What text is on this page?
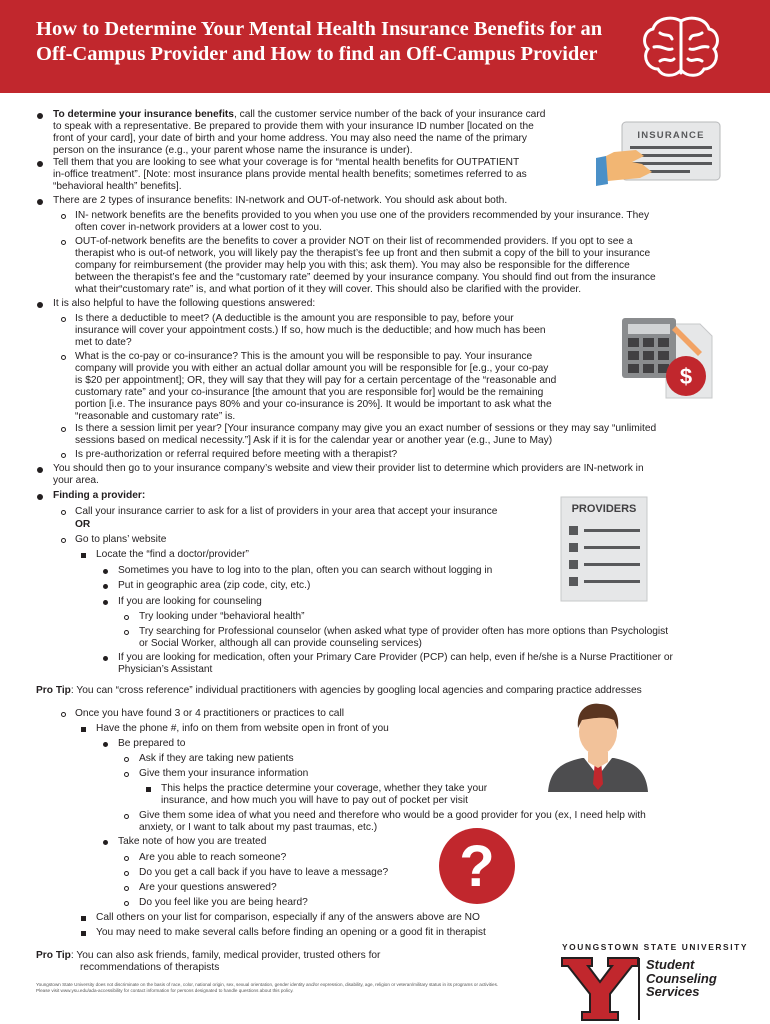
How to Determine Your Mental Health Insurance Benefits for an
Off-Campus Provider and How to find an Off-Campus Provider

To determine your insurance benefits, call the customer service number of the back of your insurance card

to speak with a representative. Be prepared to provide them with your insurance ID number [located on the

front of your card], your date of birth and your home address. You may also need the name of the primary

person on the insurance (e.g., your parent whose name the insurance is under).

Tell them that you are looking to see what your coverage is for “mental health benefits for OUTPATIENT

in-office treatment”. [Note: most insurance plans provide mental health benefits; sometimes referred to as

“behavioral health” benefits].

There are 2 types of insurance benefits: IN-network and OUT-of-network. You should ask about both.

IN- network benefits are the benefits provided to you when you use one of the providers recommended by your insurance. They

often cover in-network providers at a lower cost to you.

OUT-of-network benefits are the benefits to cover a provider NOT on their list of recommended providers. If you opt to see a

therapist who is out-of network, you will likely pay the therapist’s fee up front and then submit a copy of the bill to your insurance

company for reimbursement (the provider may help you with this; ask them). You may also be responsible for the difference

between the therapist’s fee and the “customary rate” deemed by your insurance company. You should find out from the insurance

what their“customary rate” is, and what portion of it they will cover. This should also be clarified with the provider.

It is also helpful to have the following questions answered:

Is there a deductible to meet? (A deductible is the amount you are responsible to pay, before your

insurance will cover your appointment costs.) If so, how much is the deductible; and how much has been

met to date?

What is the co-pay or co-insurance? This is the amount you will be responsible to pay. Your insurance

company will provide you with either an actual dollar amount you will be responsible for [e.g., your co-pay

is $20 per appointment]; OR, they will say that they will pay for a certain percentage of the “reasonable and

customary rate” and your co-insurance [the amount that you are responsible for] would be the remaining

portion [i.e. The insurance pays 80% and your co-insurance is 20%]. It would be important to ask what the

“reasonable and customary rate” is.

Is there a session limit per year? [Your insurance company may give you an exact number of sessions or they may say “unlimited

sessions based on medical necessity.”] Ask if it is for the calendar year or another year (e.g., June to May)

Is pre-authorization or referral required before meeting with a therapist?

You should then go to your insurance company’s website and view their provider list to determine which providers are IN-network in

your area.

Finding a provider:

Call your insurance carrier to ask for a list of providers in your area that accept your insurance

OR

Go to plans’ website

Locate the “find a doctor/provider”

Sometimes you have to log into to the plan, often you can search without logging in

Put in geographic area (zip code, city, etc.)

If you are looking for counseling

Try looking under “behavioral health”

Try searching for Professional counselor (when asked what type of provider often has more options than Psychologist

or Social Worker, although all can provide counseling services)

If you are looking for medication, often your Primary Care Provider (PCP) can help, even if he/she is a Nurse Practitioner or

Physician’s Assistant

Pro Tip: You can “cross reference” individual practitioners with agencies by googling local agencies and comparing practice addresses

Once you have found 3 or 4 practitioners or practices to call

Have the phone #, info on them from website open in front of you

Be prepared to

Ask if they are taking new patients

Give them your insurance information

This helps the practice determine your coverage, whether they take your

insurance, and how much you will have to pay out of pocket per visit

Give them some idea of what you need and therefore who would be a good provider for you (ex, I need help with

anxiety, or I want to talk about my past traumas, etc.)

Take note of how you are treated

Are you able to reach someone?

Do you get a call back if you have to leave a message?

Are your questions answered?

Do you feel like you are being heard?

Call others on your list for comparison, especially if any of the answers above are NO

You may need to make several calls before finding an opening or a good fit in therapist

Pro Tip: You can also ask friends, family, medical provider, trusted others for

recommendations of therapists

INSURANCE
$
PROVIDERS
?
Youngstown State University does not discriminate on the basis of race, color, national origin, sex, sexual orientation, gender identity and/or expression, disability, age, religion or veteran/military status in its programs or activities.
Please visit www.ysu.edu/ada-accessibility for contact information for persons designated to handle questions about this policy.
YOUNGSTOWN STATE UNIVERSITY
Student
Counseling
Services
